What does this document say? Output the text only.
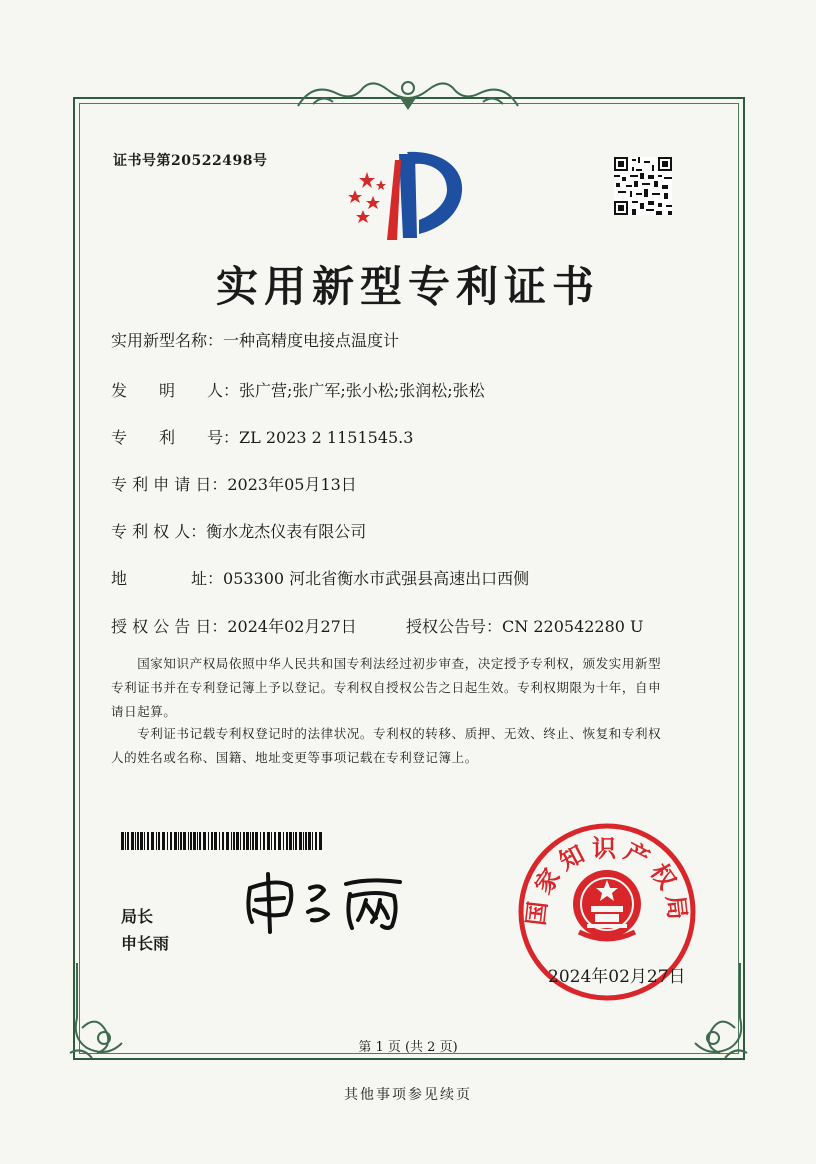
证书号第20522498号
实用新型专利证书
实用新型名称：一种高精度电接点温度计
发　　明　　人：张广营;张广军;张小松;张润松;张松
专　　利　　号：ZL 2023 2 1151545.3
专 利 申 请 日：2023年05月13日
专 利 权 人：衡水龙杰仪表有限公司
地　　　　址：053300 河北省衡水市武强县高速出口西侧
授 权 公 告 日：2024年02月27日	授权公告号：CN 220542280 U
　　国家知识产权局依照中华人民共和国专利法经过初步审查，决定授予专利权，颁发实用新型
专利证书并在专利登记簿上予以登记。专利权自授权公告之日起生效。专利权期限为十年，自申
请日起算。
　　专利证书记载专利权登记时的法律状况。专利权的转移、质押、无效、终止、恢复和专利权
人的姓名或名称、国籍、地址变更等事项记载在专利登记簿上。
局长
申长雨
国家知识产权局
2024年02月27日
第 1 页 (共 2 页)
其他事项参见续页
